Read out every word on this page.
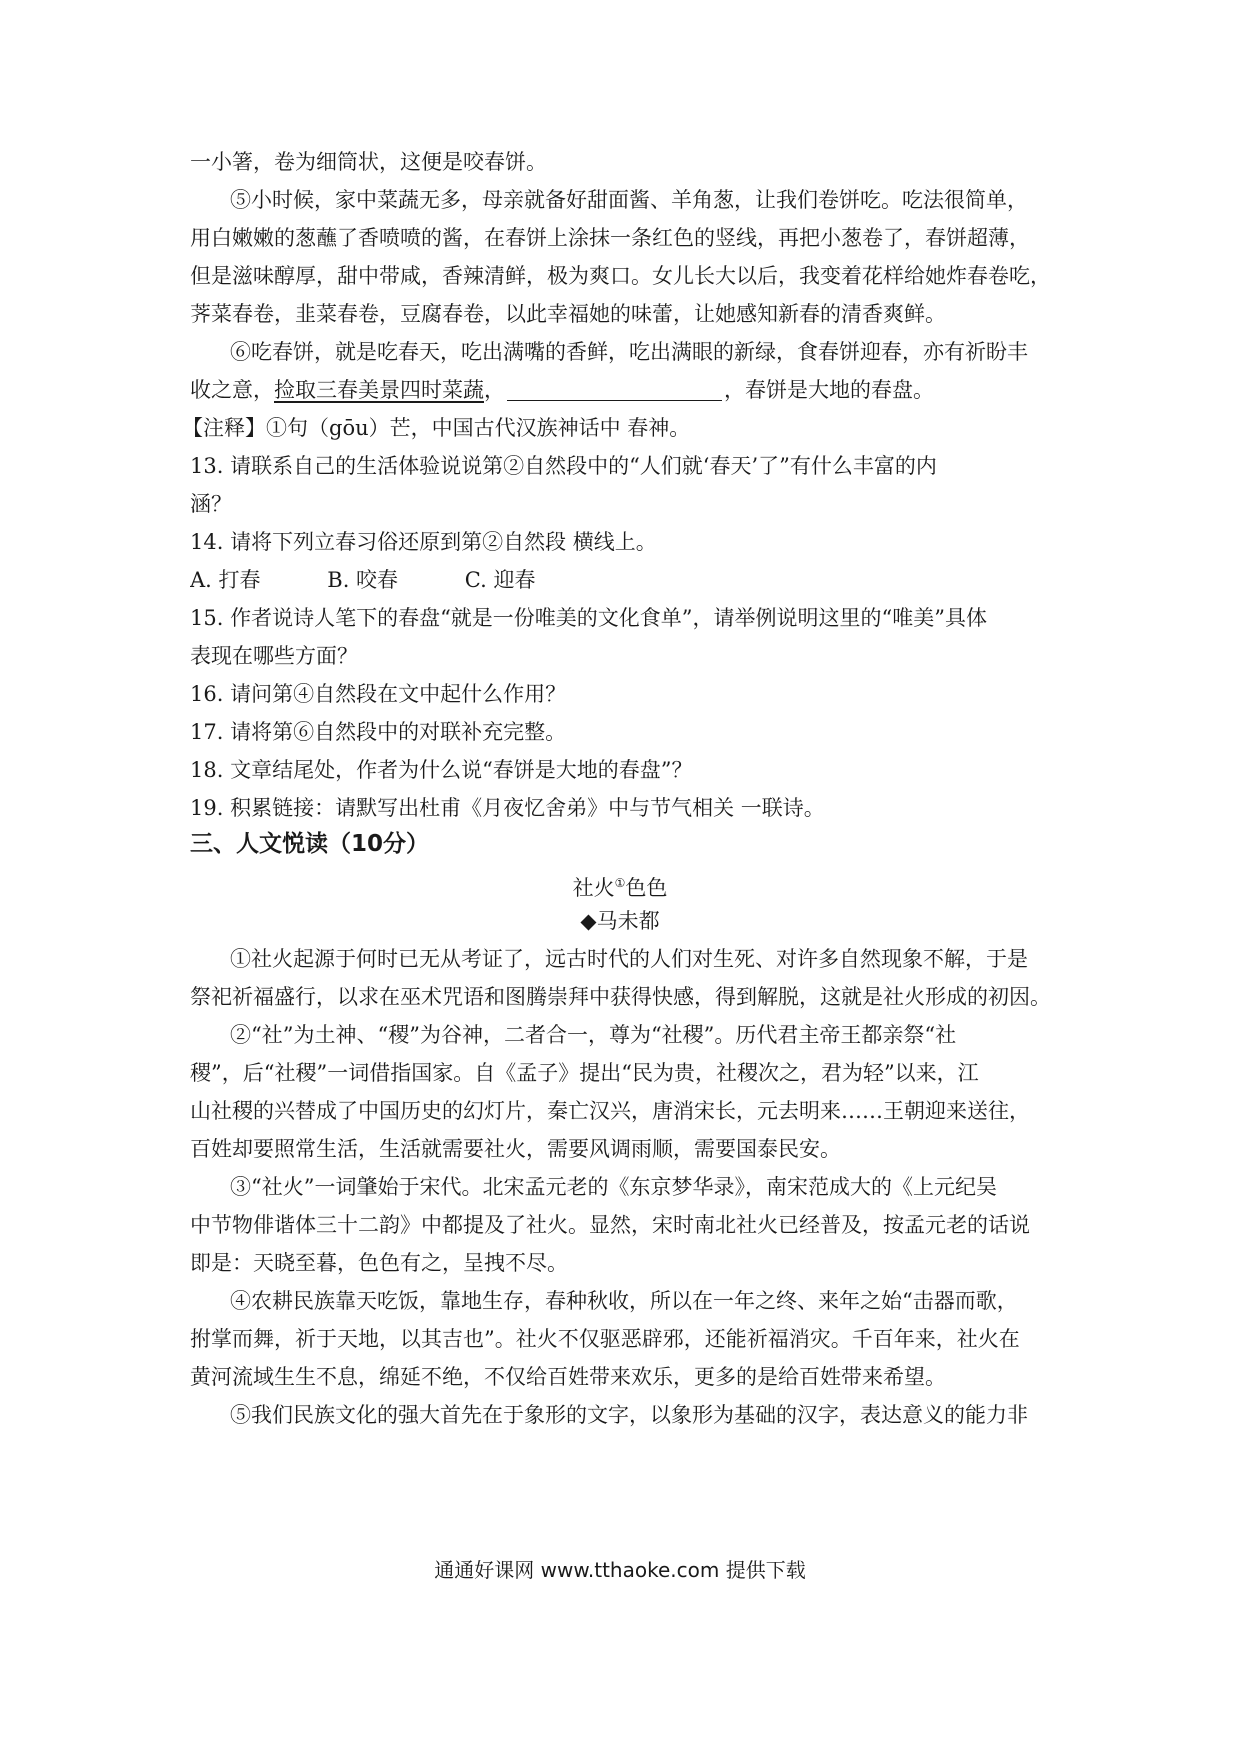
一小箸，卷为细筒状，这便是咬春饼。
⑤小时候，家中菜蔬无多，母亲就备好甜面酱、羊角葱，让我们卷饼吃。吃法很简单，
用白嫩嫩的葱蘸了香喷喷的酱，在春饼上涂抹一条红色的竖线，再把小葱卷了，春饼超薄，
但是滋味醇厚，甜中带咸，香辣清鲜，极为爽口。女儿长大以后，我变着花样给她炸春卷吃，
荠菜春卷，韭菜春卷，豆腐春卷，以此幸福她的味蕾，让她感知新春的清香爽鲜。
⑥吃春饼，就是吃春天，吃出满嘴的香鲜，吃出满眼的新绿，食春饼迎春，亦有祈盼丰
收之意，捡取三春美景四时菜蔬，	，春饼是大地的春盘。
【注释】①句（gōu）芒，中国古代汉族神话中 春神。
13. 请联系自己的生活体验说说第②自然段中的“人们就‘春天’了”有什么丰富的内
涵？
14. 请将下列立春习俗还原到第②自然段 横线上。
A. 打春          B. 咬春          C. 迎春
15. 作者说诗人笔下的春盘“就是一份唯美的文化食单”，请举例说明这里的“唯美”具体
表现在哪些方面？
16. 请问第④自然段在文中起什么作用？
17. 请将第⑥自然段中的对联补充完整。
18. 文章结尾处，作者为什么说“春饼是大地的春盘”？
19. 积累链接：请默写出杜甫《月夜忆舍弟》中与节气相关 一联诗。
三、人文悦读（10分）
社火①色色
◆马未都
①社火起源于何时已无从考证了，远古时代的人们对生死、对许多自然现象不解，于是
祭祀祈福盛行，以求在巫术咒语和图腾崇拜中获得快感，得到解脱，这就是社火形成的初因。
②“社”为土神、“稷”为谷神，二者合一，尊为“社稷”。历代君主帝王都亲祭“社
稷”，后“社稷”一词借指国家。自《孟子》提出“民为贵，社稷次之，君为轻”以来，江
山社稷的兴替成了中国历史的幻灯片，秦亡汉兴，唐消宋长，元去明来……王朝迎来送往，
百姓却要照常生活，生活就需要社火，需要风调雨顺，需要国泰民安。
③“社火”一词肇始于宋代。北宋孟元老的《东京梦华录》，南宋范成大的《上元纪吴
中节物俳谐体三十二韵》中都提及了社火。显然，宋时南北社火已经普及，按孟元老的话说
即是：天晓至暮，色色有之，呈拽不尽。
④农耕民族靠天吃饭，靠地生存，春种秋收，所以在一年之终、来年之始“击器而歌，
拊掌而舞，祈于天地，以其吉也”。社火不仅驱恶辟邪，还能祈福消灾。千百年来，社火在
黄河流域生生不息，绵延不绝，不仅给百姓带来欢乐，更多的是给百姓带来希望。
⑤我们民族文化的强大首先在于象形的文字，以象形为基础的汉字，表达意义的能力非
通通好课网 www.tthaoke.com 提供下载
